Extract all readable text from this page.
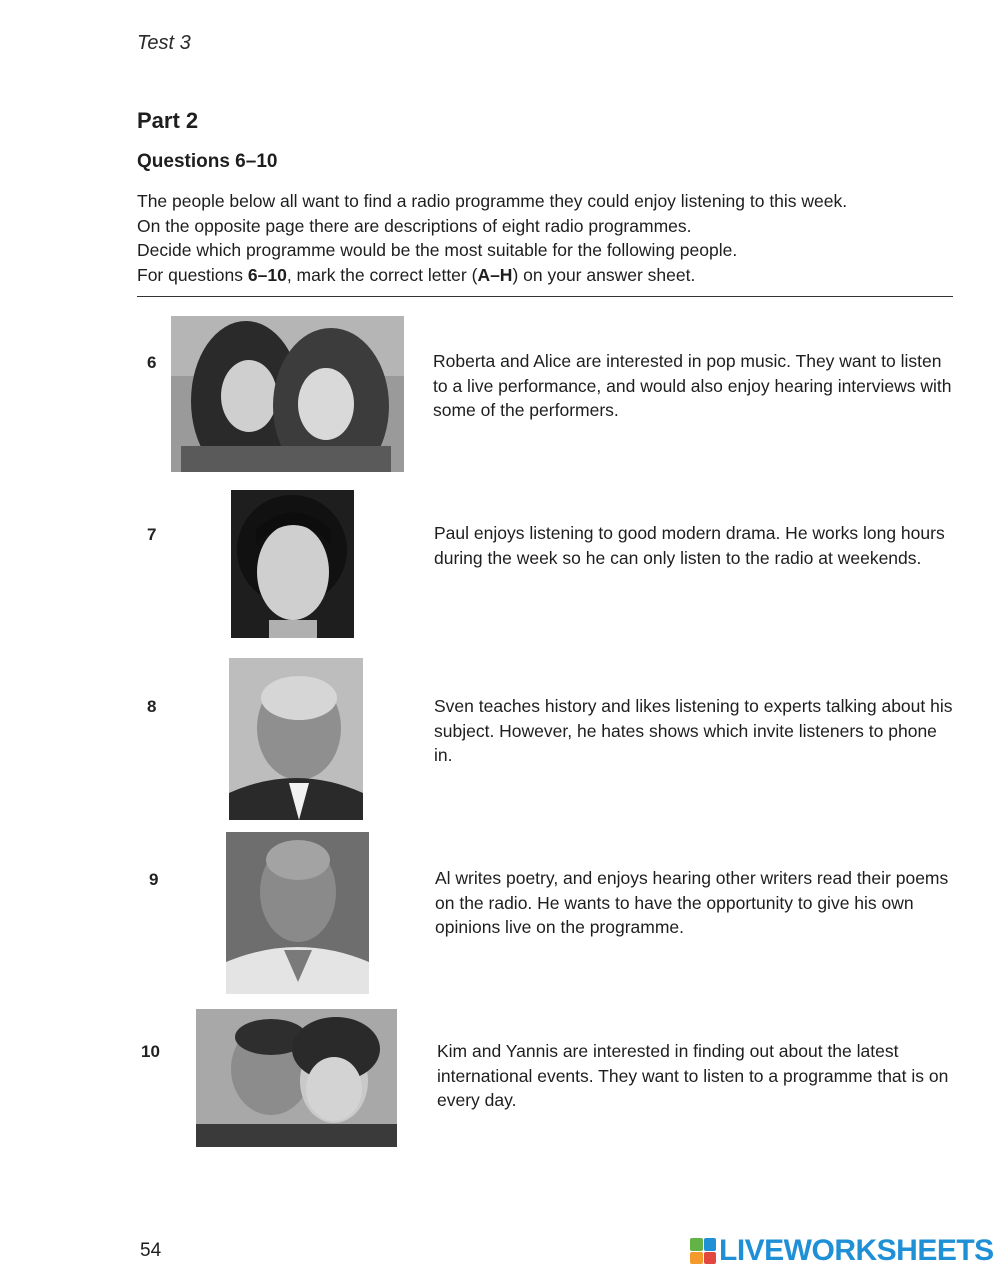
Test 3
Part 2
Questions 6–10
The people below all want to find a radio programme they could enjoy listening to this week.
On the opposite page there are descriptions of eight radio programmes.
Decide which programme would be the most suitable for the following people.
For questions 6–10, mark the correct letter (A–H) on your answer sheet.
6	Roberta and Alice are interested in pop music. They want to listen to a live performance, and would also enjoy hearing interviews with some of the performers.
7	Paul enjoys listening to good modern drama. He works long hours during the week so he can only listen to the radio at weekends.
8	Sven teaches history and likes listening to experts talking about his subject. However, he hates shows which invite listeners to phone in.
9	Al writes poetry, and enjoys hearing other writers read their poems on the radio. He wants to have the opportunity to give his own opinions live on the programme.
10	Kim and Yannis are interested in finding out about the latest international events. They want to listen to a programme that is on every day.
54	LIVEWORKSHEETS
